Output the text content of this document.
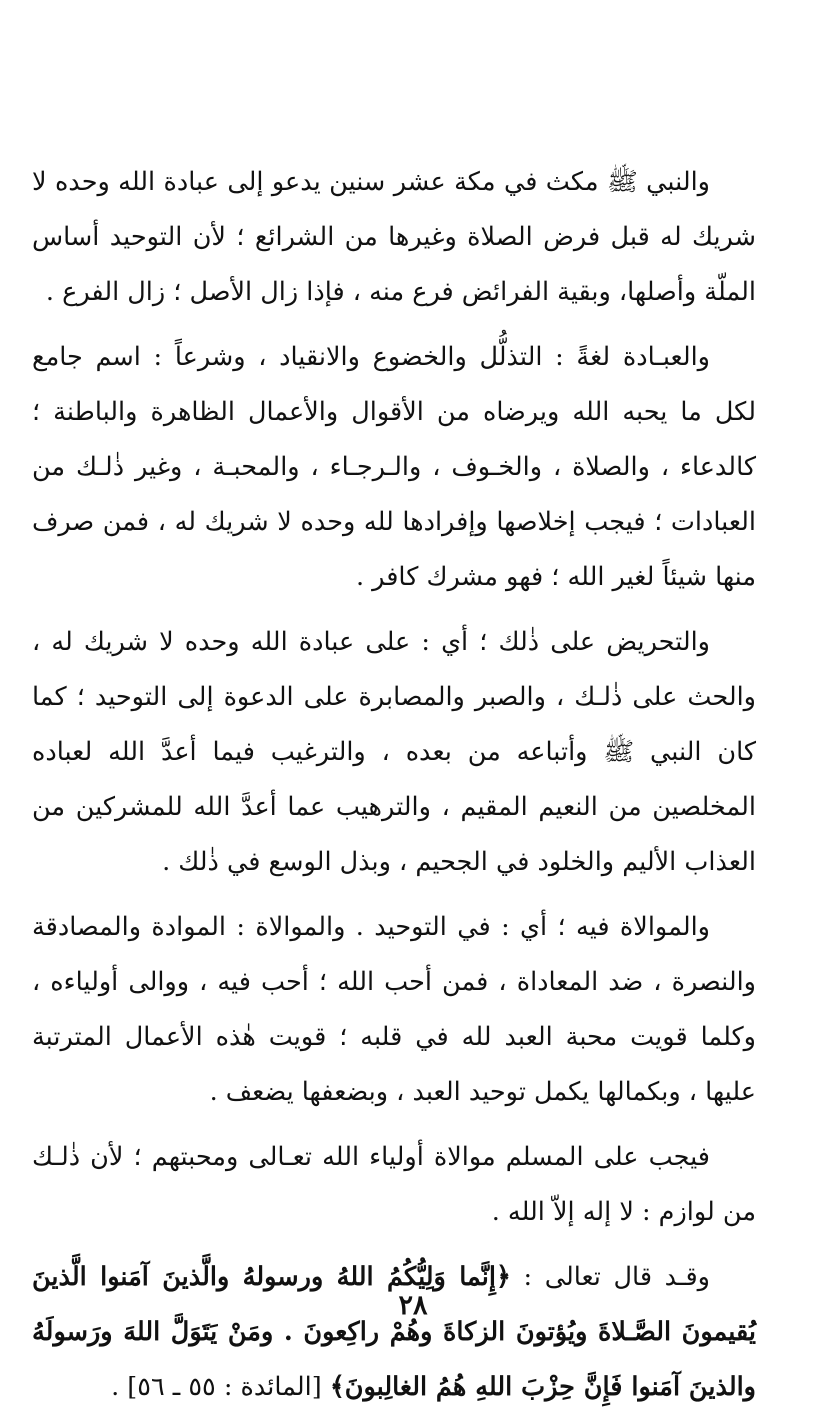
والنبي ﷺ مكث في مكة عشر سنين يدعو إلى عبادة الله وحده لا شريك له قبل فرض الصلاة وغيرها من الشرائع ؛ لأن التوحيد أساس الملّة وأصلها، وبقية الفرائض فرع منه ، فإذا زال الأصل ؛ زال الفرع .

والعبـادة لغةً : التذلُّل والخضوع والانقياد ، وشرعاً : اسم جامع لكل ما يحبه الله ويرضاه من الأقوال والأعمال الظاهرة والباطنة ؛ كالدعاء ، والصلاة ، والخـوف ، والـرجـاء ، والمحبـة ، وغير ذٰلـك من العبادات ؛ فيجب إخلاصها وإفرادها لله وحده لا شريك له ، فمن صرف منها شيئاً لغير الله ؛ فهو مشرك كافر .

والتحريض على ذٰلك ؛ أي : على عبادة الله وحده لا شريك له ، والحث على ذٰلـك ، والصبر والمصابرة على الدعوة إلى التوحيد ؛ كما كان النبي ﷺ وأتباعه من بعده ، والترغيب فيما أعدَّ الله لعباده المخلصين من النعيم المقيم ، والترهيب عما أعدَّ الله للمشركين من العذاب الأليم والخلود في الجحيم ، وبذل الوسع في ذٰلك .

والموالاة فيه ؛ أي : في التوحيد . والموالاة : الموادة والمصادقة والنصرة ، ضد المعاداة ، فمن أحب الله ؛ أحب فيه ، ووالى أولياءه ، وكلما قويت محبة العبد لله في قلبه ؛ قويت هٰذه الأعمال المترتبة عليها ، وبكمالها يكمل توحيد العبد ، وبضعفها يضعف .

فيجب على المسلم موالاة أولياء الله تعـالى ومحبتهم ؛ لأن ذٰلـك من لوازم : لا إله إلاّ الله .

وقـد قال تعالى : ﴿إِنَّما وَلِيُّكُمُ اللهُ ورسولهُ والَّذينَ آمَنوا الَّذينَ يُقيمونَ الصَّـلاةَ ويُؤتونَ الزكاةَ وهُمْ راكِعونَ . ومَنْ يَتَوَلَّ اللهَ ورَسولَهُ والذينَ آمَنوا فَإِنَّ حِزْبَ اللهِ هُمُ الغالِبونَ﴾ [المائدة : ٥٥ ـ ٥٦] .

٢٨
